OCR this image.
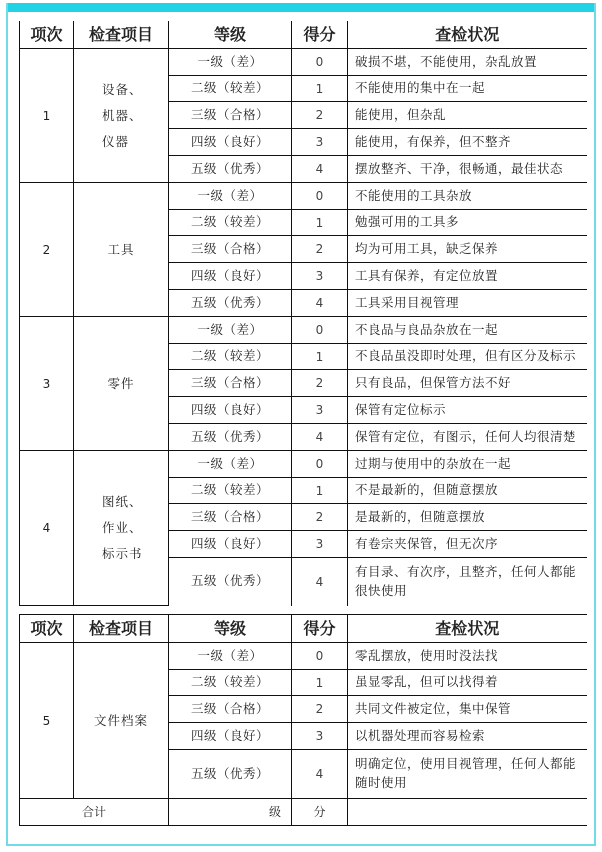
项次	检查项目	等级	得分	查检状况
1	设备、
机器、
仪器	一级（差）	0	破损不堪，不能使用，杂乱放置
		二级（较差）	1	不能使用的集中在一起
		三级（合格）	2	能使用，但杂乱
		四级（良好）	3	能使用，有保养，但不整齐
		五级（优秀）	4	摆放整齐、干净，很畅通，最佳状态
2	工具	一级（差）	0	不能使用的工具杂放
		二级（较差）	1	勉强可用的工具多
		三级（合格）	2	均为可用工具，缺乏保养
		四级（良好）	3	工具有保养，有定位放置
		五级（优秀）	4	工具采用目视管理
3	零件	一级（差）	0	不良品与良品杂放在一起
		二级（较差）	1	不良品虽没即时处理，但有区分及标示
		三级（合格）	2	只有良品，但保管方法不好
		四级（良好）	3	保管有定位标示
		五级（优秀）	4	保管有定位，有图示，任何人均很清楚
4	图纸、
作业、
标示书	一级（差）	0	过期与使用中的杂放在一起
		二级（较差）	1	不是最新的，但随意摆放
		三级（合格）	2	是最新的，但随意摆放
		四级（良好）	3	有卷宗夹保管，但无次序
		五级（优秀）	4	有目录、有次序，且整齐，任何人都能很快使用
项次	检查项目	等级	得分	查检状况
5	文件档案	一级（差）	0	零乱摆放，使用时没法找
		二级（较差）	1	虽显零乱，但可以找得着
		三级（合格）	2	共同文件被定位，集中保管
		四级（良好）	3	以机器处理而容易检索
		五级（优秀）	4	明确定位，使用目视管理，任何人都能随时使用
合计		级	分	
